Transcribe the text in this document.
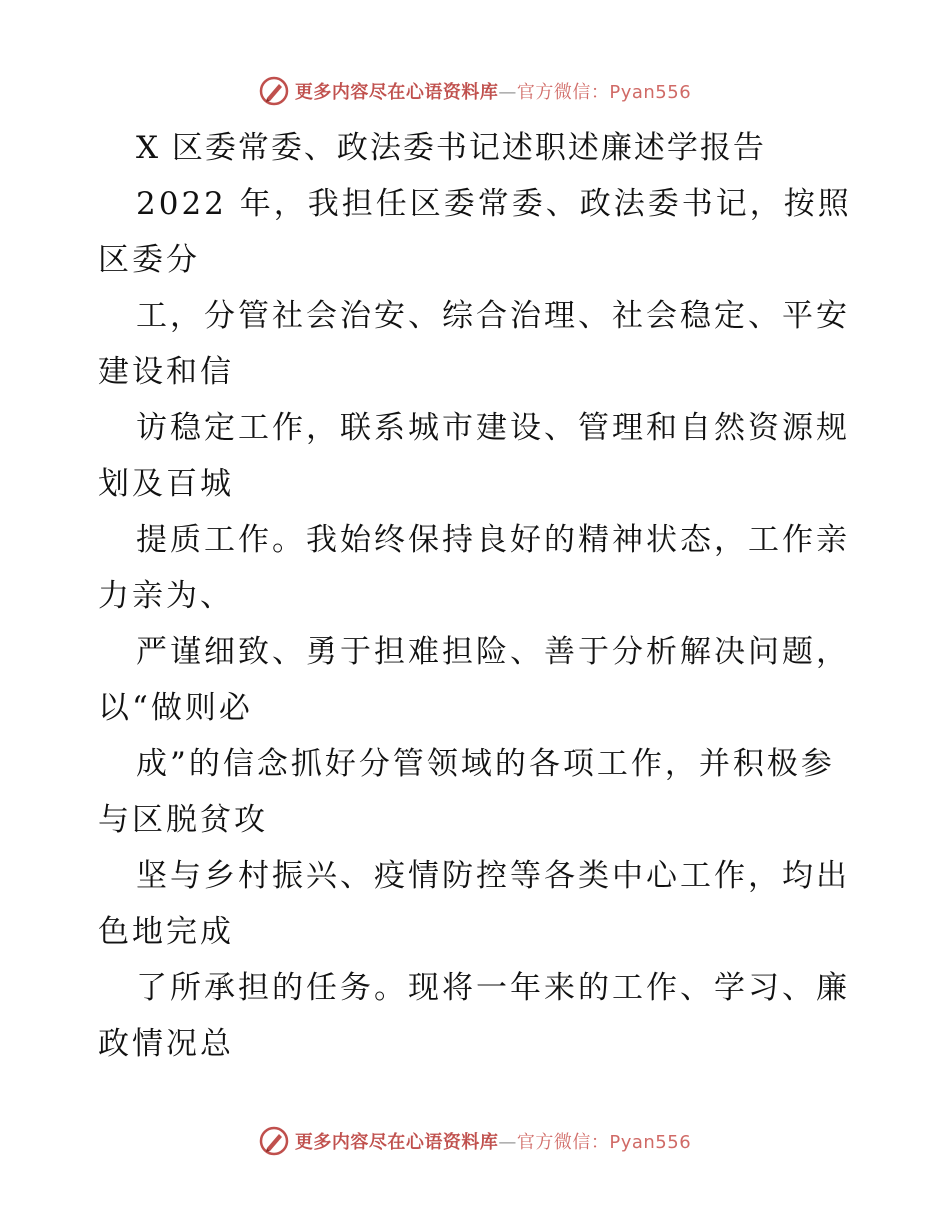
更多内容尽在心语资料库—官方微信：Pyan556
X 区委常委、政法委书记述职述廉述学报告
2022 年，我担任区委常委、政法委书记，按照
区委分
工，分管社会治安、综合治理、社会稳定、平安
建设和信
访稳定工作，联系城市建设、管理和自然资源规
划及百城
提质工作。我始终保持良好的精神状态，工作亲
力亲为、
严谨细致、勇于担难担险、善于分析解决问题，
以“做则必
成”的信念抓好分管领域的各项工作，并积极参
与区脱贫攻
坚与乡村振兴、疫情防控等各类中心工作，均出
色地完成
了所承担的任务。现将一年来的工作、学习、廉
政情况总
更多内容尽在心语资料库—官方微信：Pyan556
